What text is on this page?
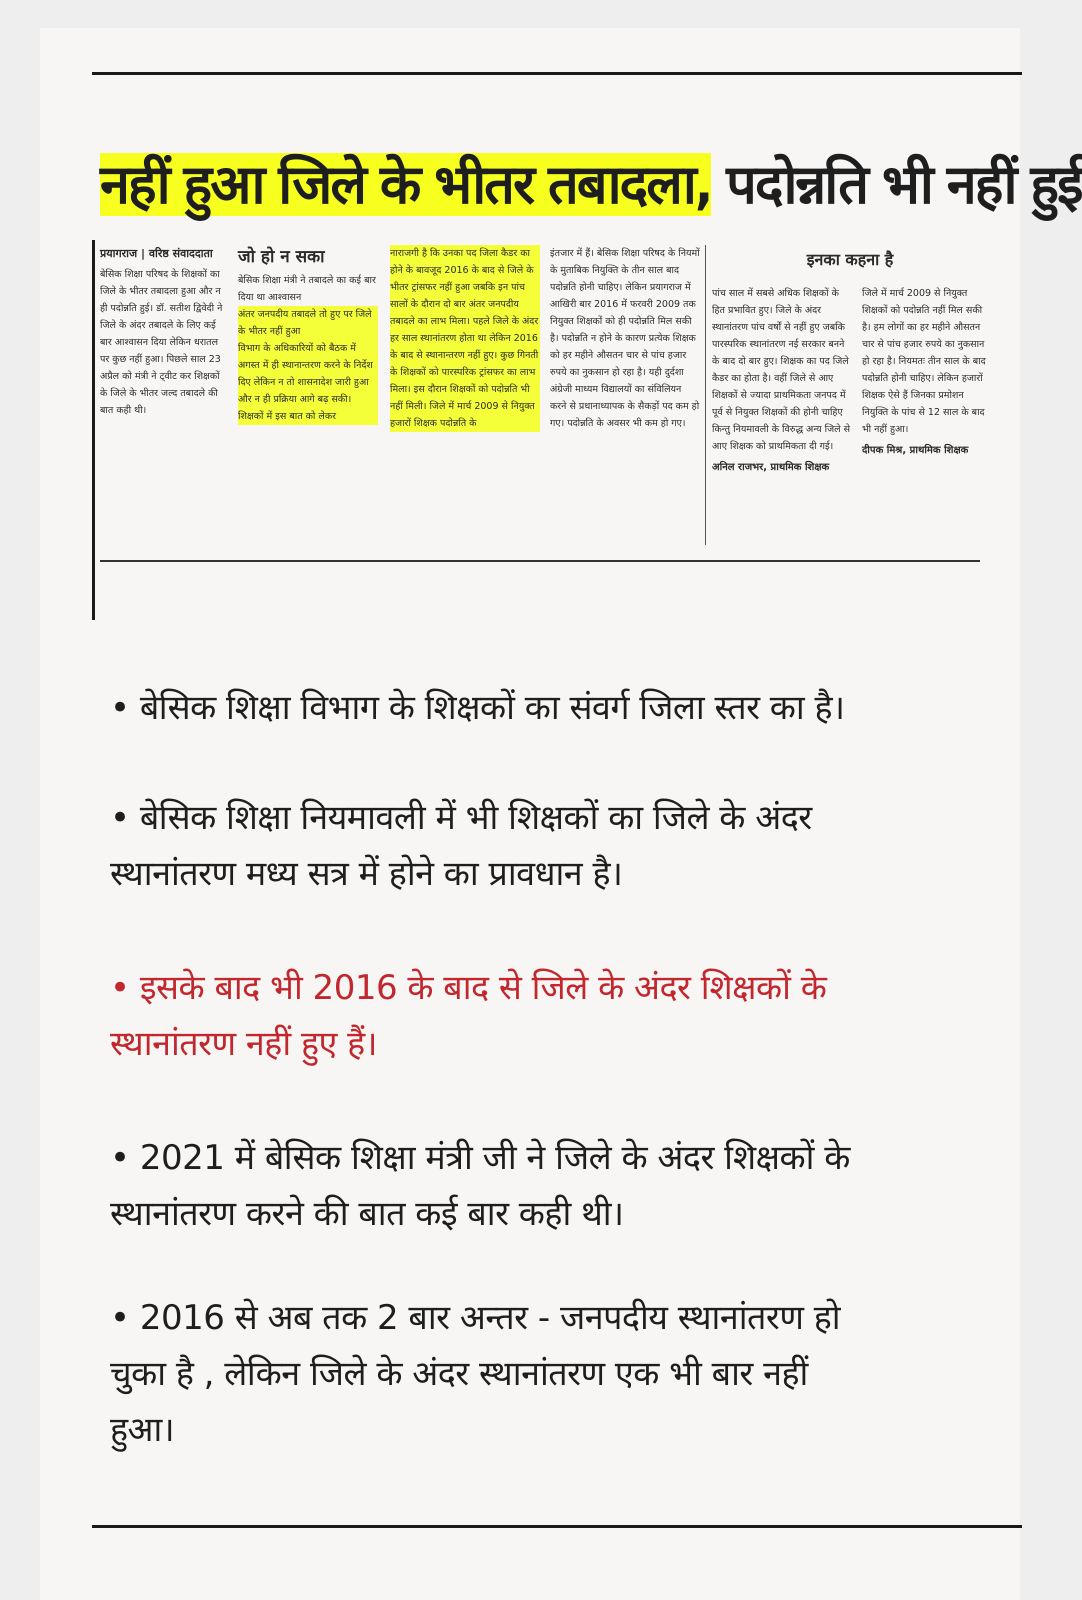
नहीं हुआ जिले के भीतर तबादला, पदोन्नति भी नहीं हुई
प्रयागराज | वरिष्ठ संवाददाता

बेसिक शिक्षा परिषद के शिक्षकों का जिले के भीतर तबादला हुआ और न ही पदोन्नति हुई। डॉ. सतीश द्विवेदी ने जिले के अंदर तबादले के लिए कई बार आश्वासन दिया लेकिन धरातल पर कुछ नहीं हुआ। पिछले साल 23 अप्रैल को मंत्री ने ट्वीट कर शिक्षकों के जिले के भीतर जल्द तबादले की बात कही थी।

जो हो न सका

बेसिक शिक्षा मंत्री ने तबादले का कई बार दिया था आश्वासन

अंतर जनपदीय तबादले तो हुए पर जिले के भीतर नहीं हुआ

विभाग के अधिकारियों को बैठक में अगस्त में ही स्थानान्तरण करने के निर्देश दिए लेकिन न तो शासनादेश जारी हुआ और न ही प्रक्रिया आगे बढ़ सकी। शिक्षकों में इस बात को लेकर

नाराजगी है कि उनका पद जिला कैडर का होने के बावजूद 2016 के बाद से जिले के भीतर ट्रांसफर नहीं हुआ जबकि इन पांच सालों के दौरान दो बार अंतर जनपदीय तबादले का लाभ मिला। पहले जिले के अंदर हर साल स्थानांतरण होता था लेकिन 2016 के बाद से स्थानान्तरण नहीं हुए। कुछ गिनती के शिक्षकों को पारस्परिक ट्रांसफर का लाभ मिला। इस दौरान शिक्षकों को पदोन्नति भी नहीं मिली। जिले में मार्च 2009 से नियुक्त हजारों शिक्षक पदोन्नति के

इंतजार में हैं। बेसिक शिक्षा परिषद के नियमों के मुताबिक नियुक्ति के तीन साल बाद पदोन्नति होनी चाहिए। लेकिन प्रयागराज में आखिरी बार 2016 में फरवरी 2009 तक नियुक्त शिक्षकों को ही पदोन्नति मिल सकी है। पदोन्नति न होने के कारण प्रत्येक शिक्षक को हर महीने औसतन चार से पांच हजार रुपये का नुकसान हो रहा है। यही दुर्दशा अंग्रेजी माध्यम विद्यालयों का संविलियन करने से प्रधानाध्यापक के सैकड़ों पद कम हो गए। पदोन्नति के अवसर भी कम हो गए।

इनका कहना है

पांच साल में सबसे अधिक शिक्षकों के हित प्रभावित हुए। जिले के अंदर स्थानांतरण पांच वर्षों से नहीं हुए जबकि पारस्परिक स्थानांतरण नई सरकार बनने के बाद दो बार हुए। शिक्षक का पद जिले कैडर का होता है। वहीं जिले से आए शिक्षकों से ज्यादा प्राथमिकता जनपद में पूर्व से नियुक्त शिक्षकों की होनी चाहिए किन्तु नियमावली के विरुद्ध अन्य जिले से आए शिक्षक को प्राथमिकता दी गई।

अनिल राजभर, प्राथमिक शिक्षक

जिले में मार्च 2009 से नियुक्त शिक्षकों को पदोन्नति नहीं मिल सकी है। हम लोगों का हर महीने औसतन चार से पांच हजार रुपये का नुकसान हो रहा है। नियमतः तीन साल के बाद पदोन्नति होनी चाहिए। लेकिन हजारों शिक्षक ऐसे हैं जिनका प्रमोशन नियुक्ति के पांच से 12 साल के बाद भी नहीं हुआ।

दीपक मिश्र, प्राथमिक शिक्षक
• बेसिक शिक्षा विभाग के शिक्षकों का संवर्ग जिला स्तर का है।
• बेसिक शिक्षा नियमावली में भी शिक्षकों का जिले के अंदर
स्थानांतरण मध्य सत्र में होने का प्रावधान है।
• इसके बाद भी 2016 के बाद से जिले के अंदर शिक्षकों के
स्थानांतरण नहीं हुए हैं।
• 2021 में बेसिक शिक्षा मंत्री जी ने जिले के अंदर शिक्षकों के
स्थानांतरण करने की बात कई बार कही थी।
• 2016 से अब तक 2 बार अन्तर - जनपदीय स्थानांतरण हो
चुका है , लेकिन जिले के अंदर स्थानांतरण एक भी बार नहीं
हुआ।
